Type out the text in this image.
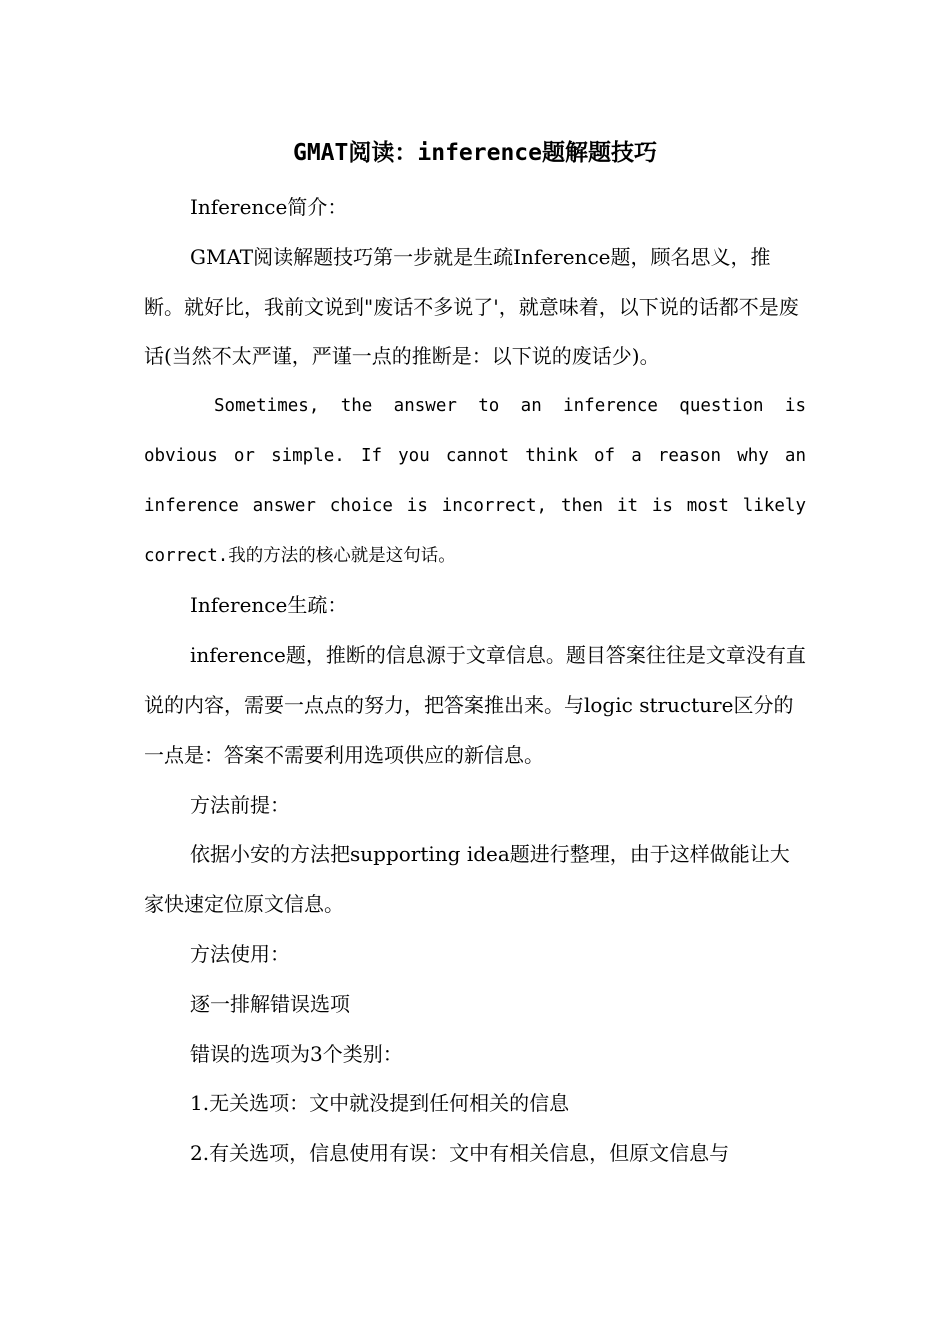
GMAT阅读：inference题解题技巧

Inference简介：

GMAT阅读解题技巧第一步就是生疏Inference题，顾名思义，推断。就好比，我前文说到"废话不多说了'，就意味着，以下说的话都不是废话(当然不太严谨，严谨一点的推断是：以下说的废话少)。

Sometimes, the answer to an inference question is obvious or simple. If you cannot think of a reason why an inference answer choice is incorrect, then it is most likely correct.我的方法的核心就是这句话。

Inference生疏：

inference题，推断的信息源于文章信息。题目答案往往是文章没有直说的内容，需要一点点的努力，把答案推出来。与logic structure区分的一点是：答案不需要利用选项供应的新信息。

方法前提：

依据小安的方法把supporting idea题进行整理，由于这样做能让大家快速定位原文信息。

方法使用：

逐一排解错误选项

错误的选项为3个类别：

1.无关选项：文中就没提到任何相关的信息

2.有关选项，信息使用有误：文中有相关信息，但原文信息与
